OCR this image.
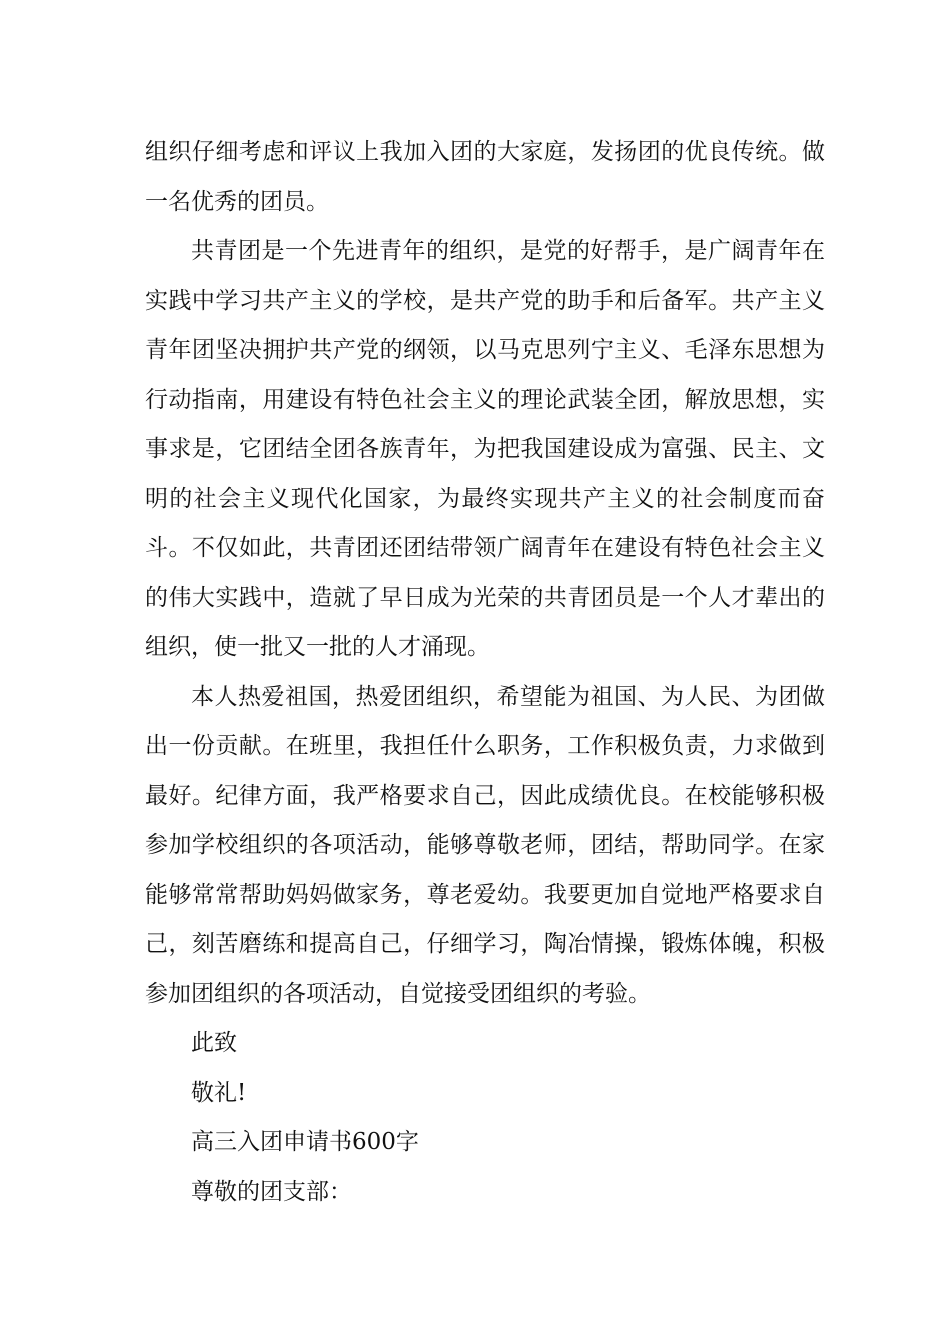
组织仔细考虑和评议上我加入团的大家庭，发扬团的优良传统。做一名优秀的团员。

共青团是一个先进青年的组织，是党的好帮手，是广阔青年在实践中学习共产主义的学校，是共产党的助手和后备军。共产主义青年团坚决拥护共产党的纲领，以马克思列宁主义、毛泽东思想为行动指南，用建设有特色社会主义的理论武装全团，解放思想，实事求是，它团结全团各族青年，为把我国建设成为富强、民主、文明的社会主义现代化国家，为最终实现共产主义的社会制度而奋斗。不仅如此，共青团还团结带领广阔青年在建设有特色社会主义的伟大实践中，造就了早日成为光荣的共青团员是一个人才辈出的组织，使一批又一批的人才涌现。

本人热爱祖国，热爱团组织，希望能为祖国、为人民、为团做出一份贡献。在班里，我担任什么职务，工作积极负责，力求做到最好。纪律方面，我严格要求自己，因此成绩优良。在校能够积极参加学校组织的各项活动，能够尊敬老师，团结，帮助同学。在家能够常常帮助妈妈做家务，尊老爱幼。我要更加自觉地严格要求自己，刻苦磨练和提高自己，仔细学习，陶冶情操，锻炼体魄，积极参加团组织的各项活动，自觉接受团组织的考验。

此致

敬礼!

高三入团申请书600字

尊敬的团支部：
